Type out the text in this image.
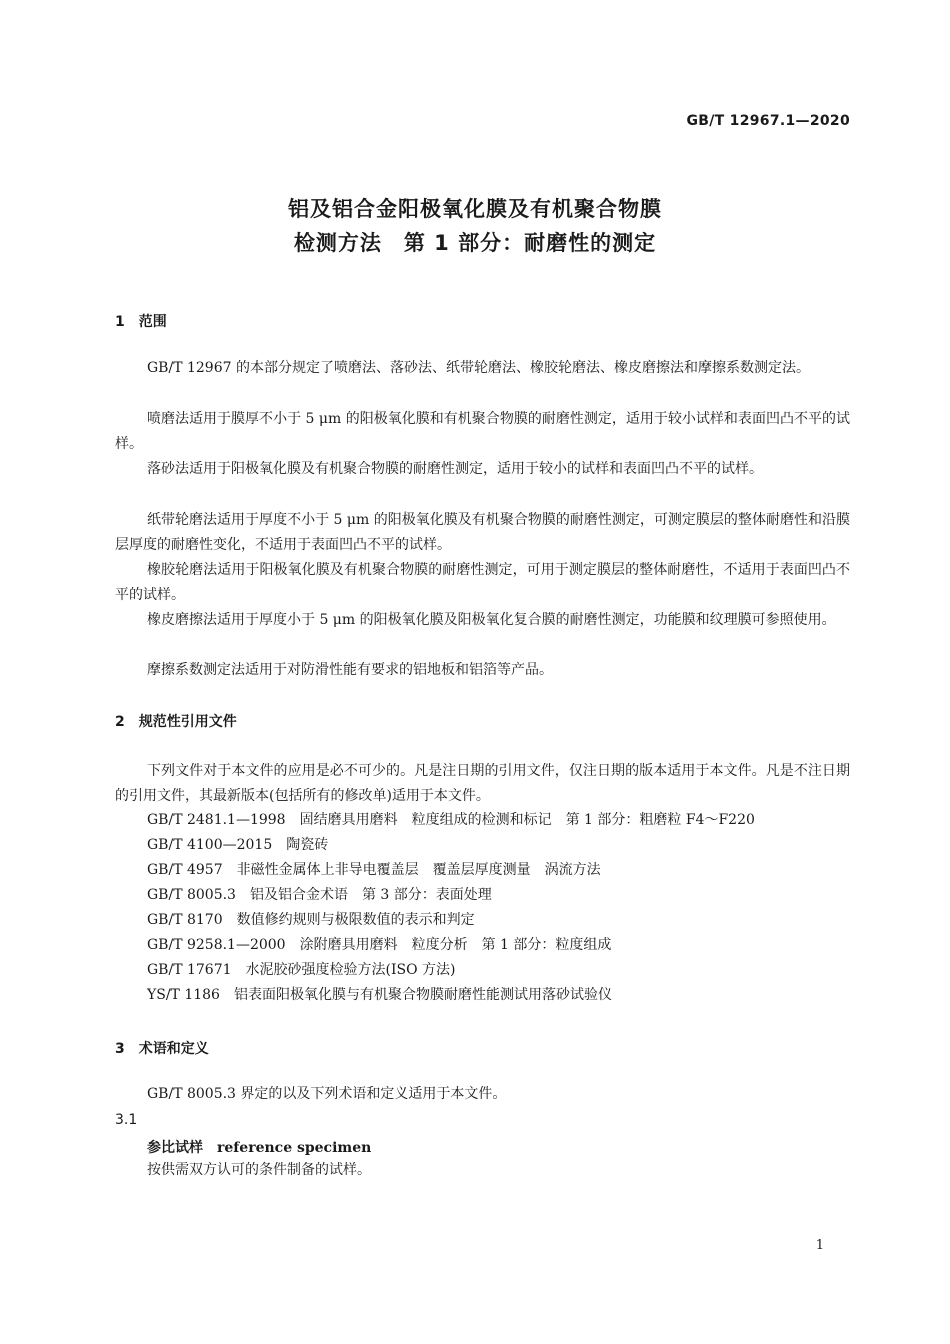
GB/T 12967.1—2020
铝及铝合金阳极氧化膜及有机聚合物膜
检测方法　第 1 部分：耐磨性的测定
1　范围
GB/T 12967 的本部分规定了喷磨法、落砂法、纸带轮磨法、橡胶轮磨法、橡皮磨擦法和摩擦系数测定法。
喷磨法适用于膜厚不小于 5 μm 的阳极氧化膜和有机聚合物膜的耐磨性测定，适用于较小试样和表面凹凸不平的试样。
落砂法适用于阳极氧化膜及有机聚合物膜的耐磨性测定，适用于较小的试样和表面凹凸不平的试样。
纸带轮磨法适用于厚度不小于 5 μm 的阳极氧化膜及有机聚合物膜的耐磨性测定，可测定膜层的整体耐磨性和沿膜层厚度的耐磨性变化，不适用于表面凹凸不平的试样。
橡胶轮磨法适用于阳极氧化膜及有机聚合物膜的耐磨性测定，可用于测定膜层的整体耐磨性，不适用于表面凹凸不平的试样。
橡皮磨擦法适用于厚度小于 5 μm 的阳极氧化膜及阳极氧化复合膜的耐磨性测定，功能膜和纹理膜可参照使用。
摩擦系数测定法适用于对防滑性能有要求的铝地板和铝箔等产品。
2　规范性引用文件
下列文件对于本文件的应用是必不可少的。凡是注日期的引用文件，仅注日期的版本适用于本文件。凡是不注日期的引用文件，其最新版本(包括所有的修改单)适用于本文件。
GB/T 2481.1—1998　固结磨具用磨料　粒度组成的检测和标记　第 1 部分：粗磨粒 F4～F220
GB/T 4100—2015　陶瓷砖
GB/T 4957　非磁性金属体上非导电覆盖层　覆盖层厚度测量　涡流方法
GB/T 8005.3　铝及铝合金术语　第 3 部分：表面处理
GB/T 8170　数值修约规则与极限数值的表示和判定
GB/T 9258.1—2000　涂附磨具用磨料　粒度分析　第 1 部分：粒度组成
GB/T 17671　水泥胶砂强度检验方法(ISO 方法)
YS/T 1186　铝表面阳极氧化膜与有机聚合物膜耐磨性能测试用落砂试验仪
3　术语和定义
GB/T 8005.3 界定的以及下列术语和定义适用于本文件。
3.1
参比试样　reference specimen
按供需双方认可的条件制备的试样。
1
